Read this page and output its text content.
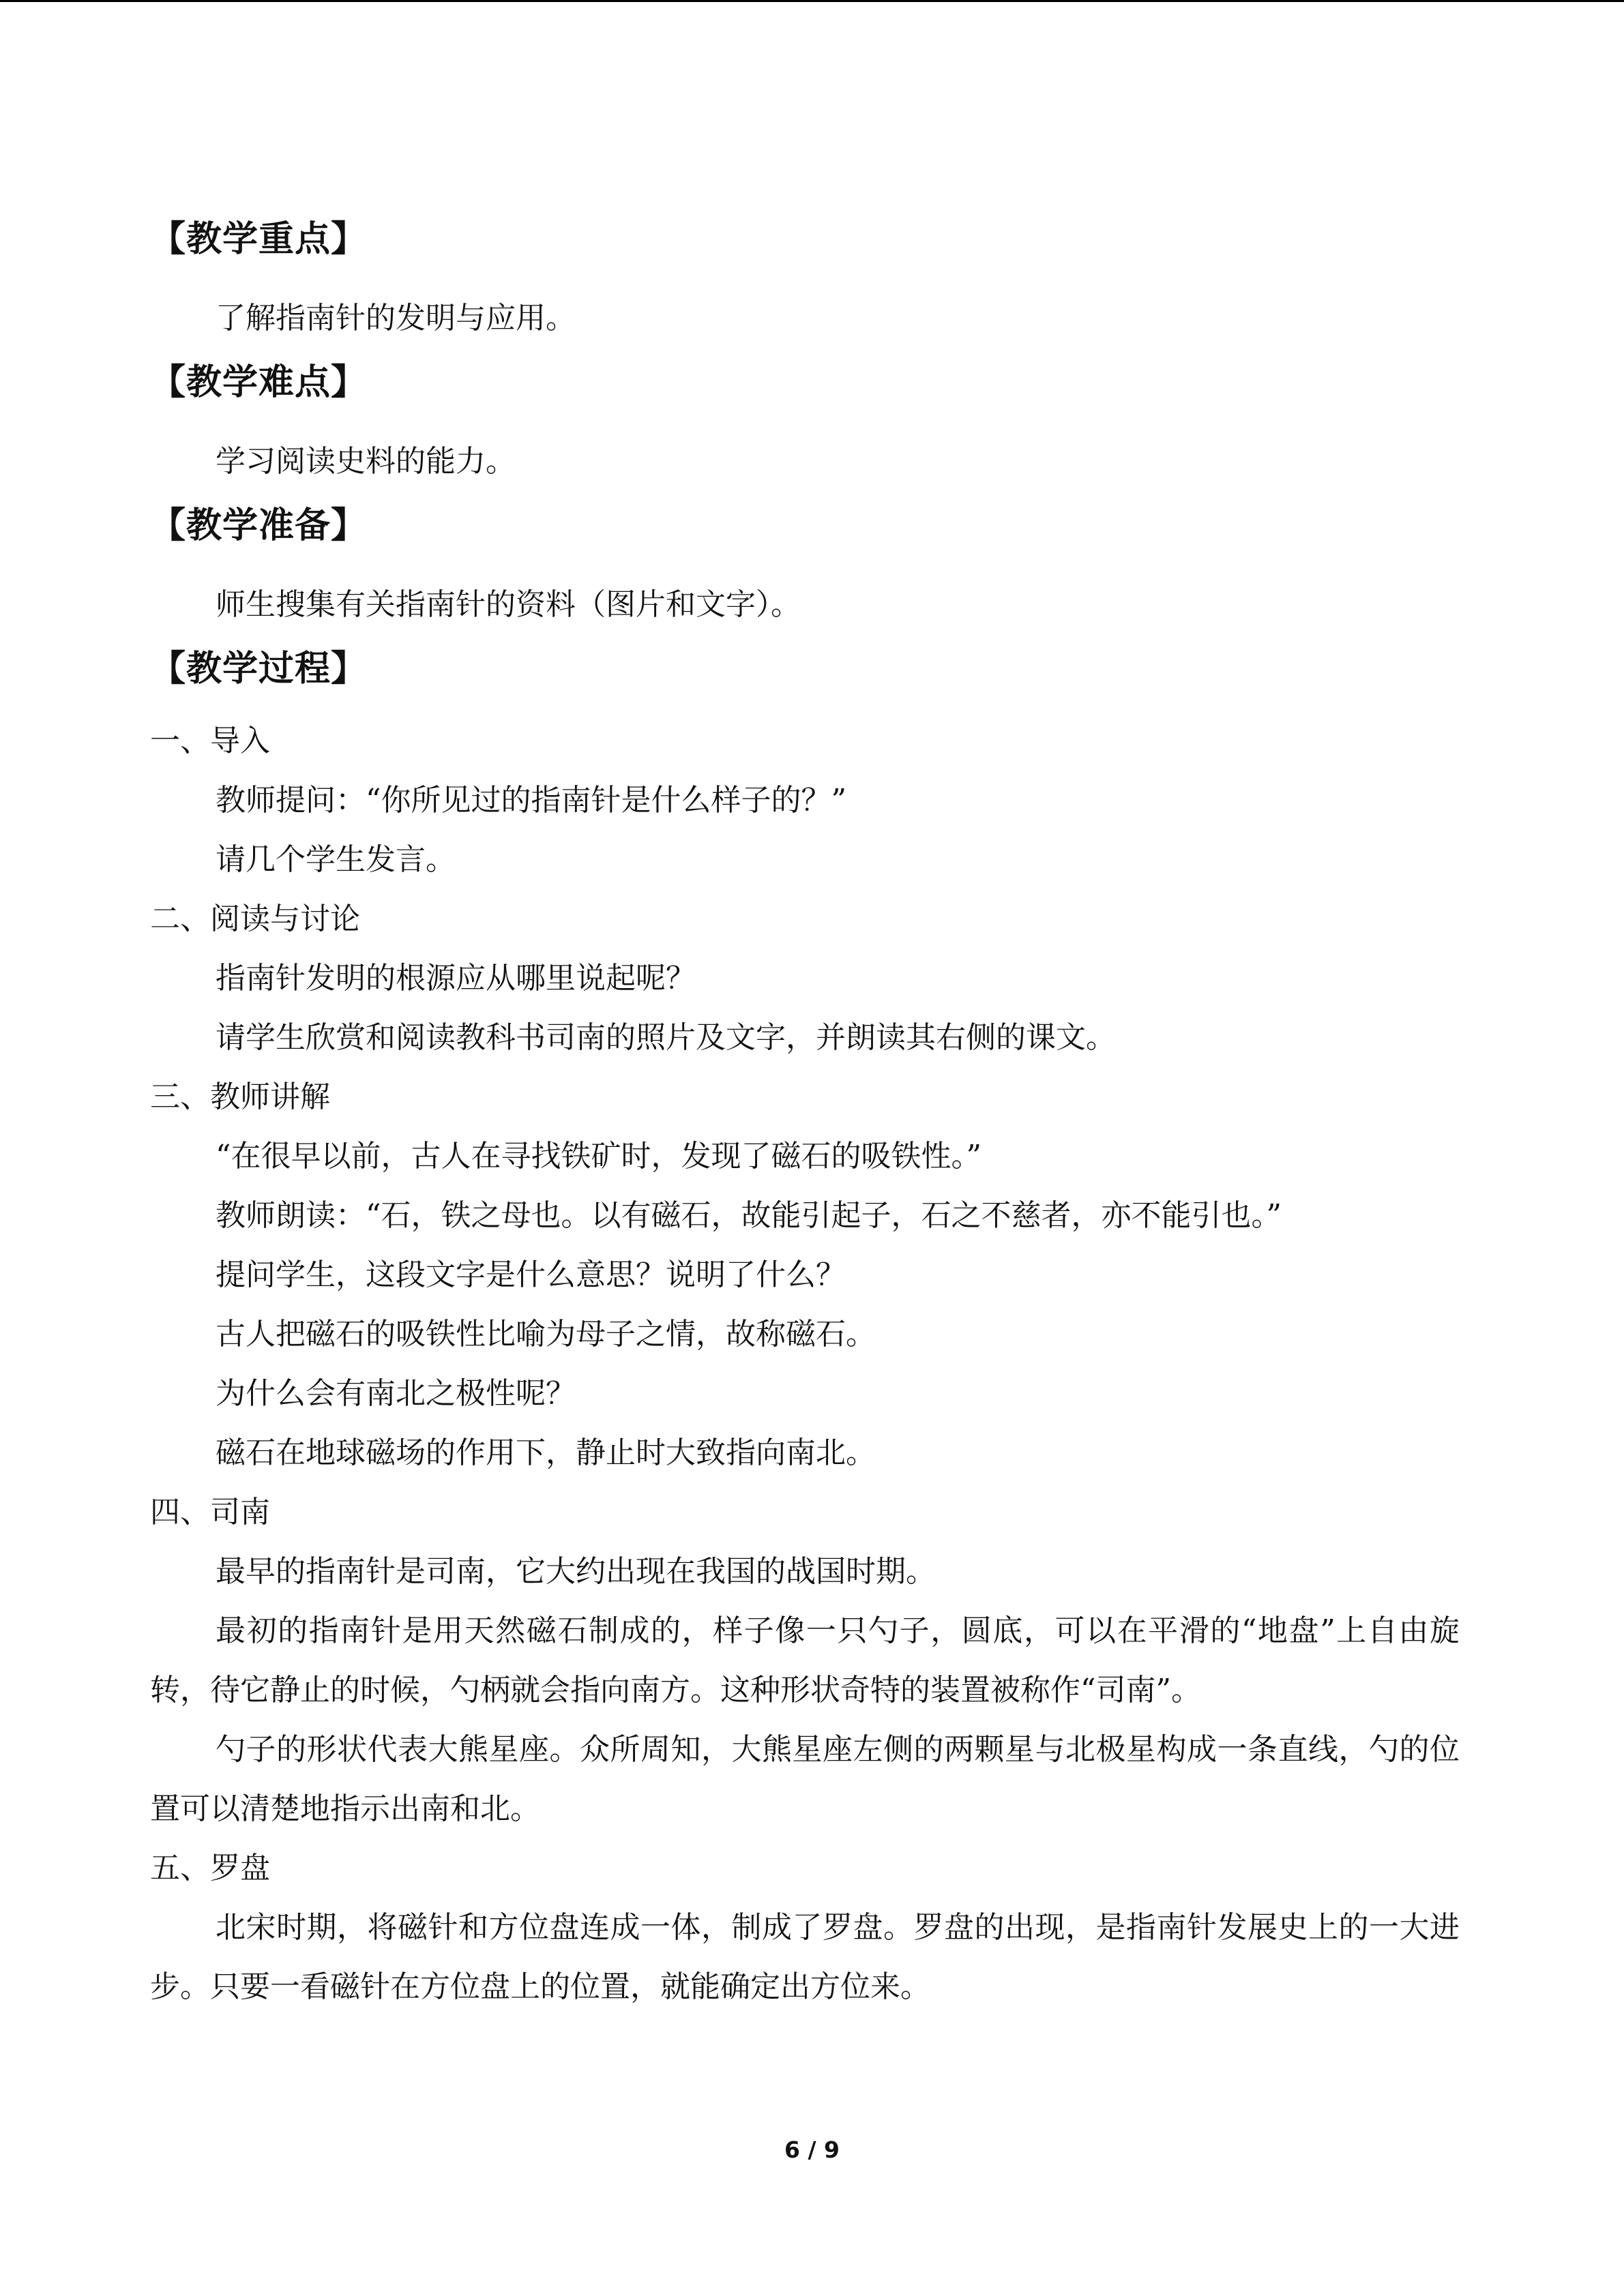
【教学重点】

了解指南针的发明与应用。

【教学难点】

学习阅读史料的能力。

【教学准备】

师生搜集有关指南针的资料（图片和文字）。

【教学过程】

一、导入

教师提问：“你所见过的指南针是什么样子的？”

请几个学生发言。

二、阅读与讨论

指南针发明的根源应从哪里说起呢？

请学生欣赏和阅读教科书司南的照片及文字，并朗读其右侧的课文。

三、教师讲解

“在很早以前，古人在寻找铁矿时，发现了磁石的吸铁性。”

教师朗读：“石，铁之母也。以有磁石，故能引起子，石之不慈者，亦不能引也。”

提问学生，这段文字是什么意思？说明了什么？

古人把磁石的吸铁性比喻为母子之情，故称磁石。

为什么会有南北之极性呢？

磁石在地球磁场的作用下，静止时大致指向南北。

四、司南

最早的指南针是司南，它大约出现在我国的战国时期。

最初的指南针是用天然磁石制成的，样子像一只勺子，圆底，可以在平滑的“地盘”上自由旋转，待它静止的时候，勺柄就会指向南方。这种形状奇特的装置被称作“司南”。

勺子的形状代表大熊星座。众所周知，大熊星座左侧的两颗星与北极星构成一条直线，勺的位置可以清楚地指示出南和北。

五、罗盘

北宋时期，将磁针和方位盘连成一体，制成了罗盘。罗盘的出现，是指南针发展史上的一大进步。只要一看磁针在方位盘上的位置，就能确定出方位来。

6 / 9
